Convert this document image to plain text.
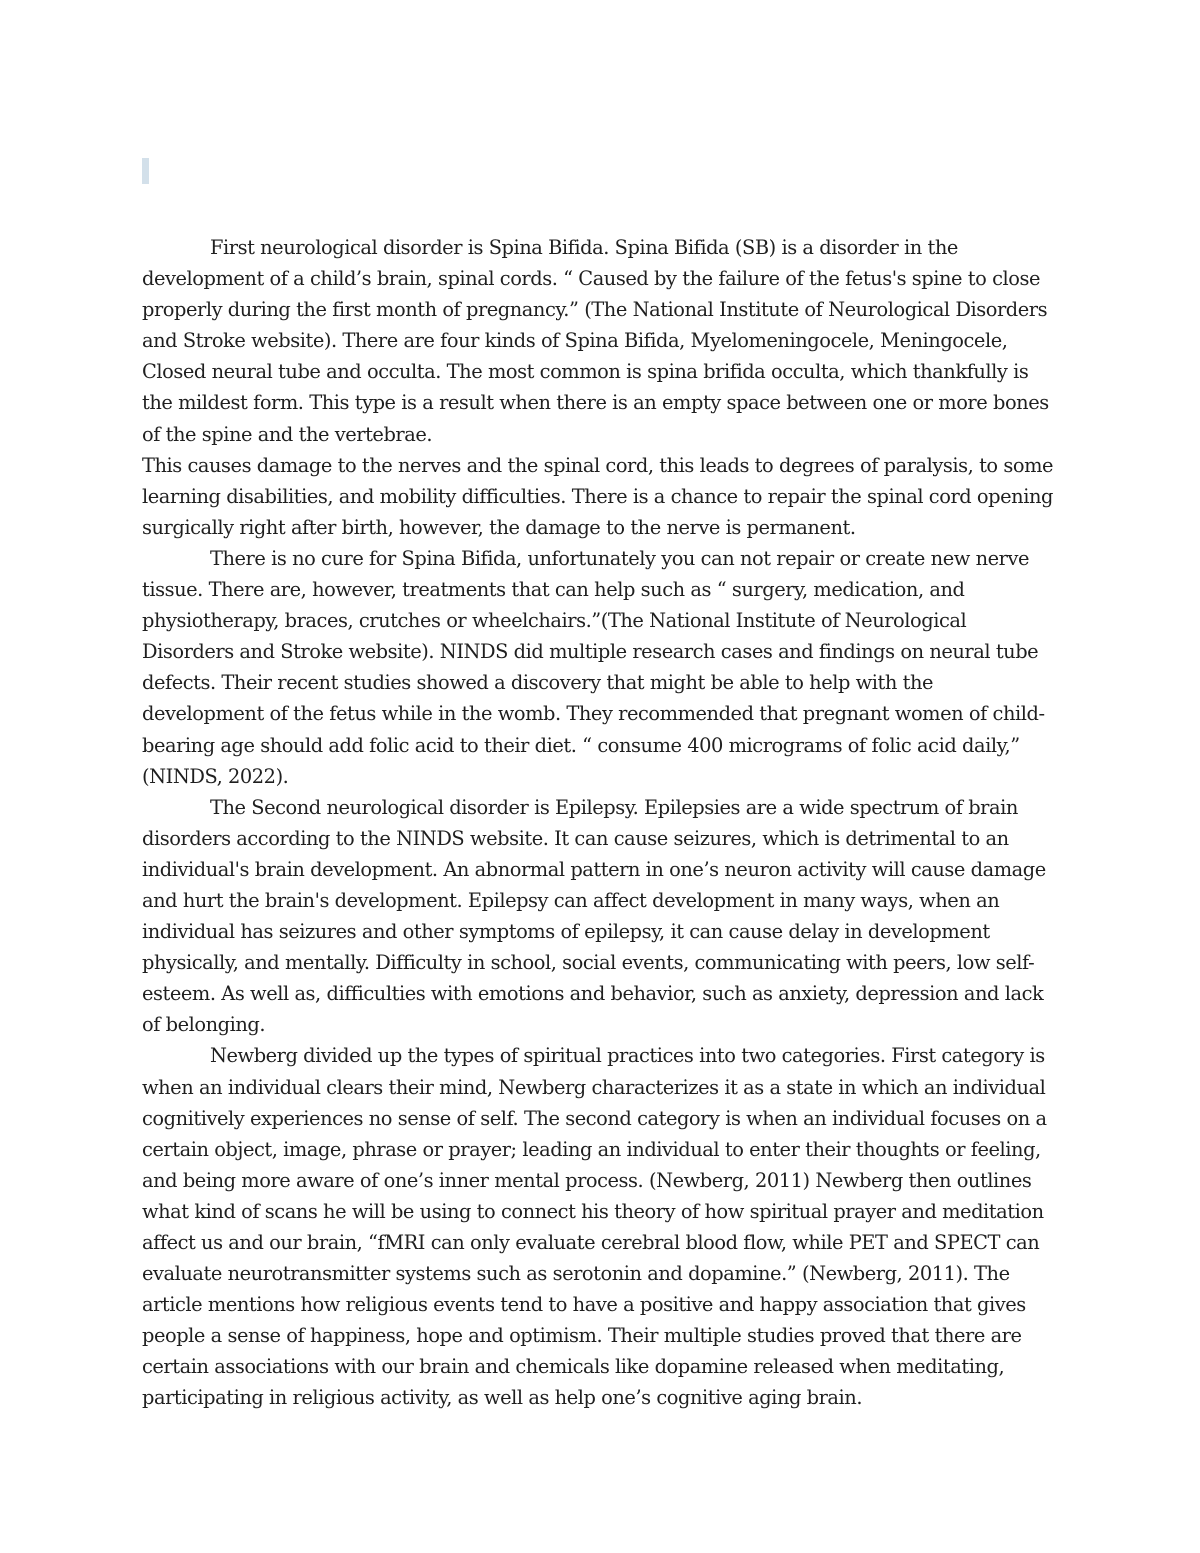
First neurological disorder is Spina Bifida. Spina Bifida (SB) is a disorder in the development of a child’s brain, spinal cords. “ Caused by the failure of the fetus's spine to close properly during the first month of pregnancy.” (The National Institute of Neurological Disorders and Stroke website). There are four kinds of Spina Bifida, Myelomeningocele, Meningocele, Closed neural tube and occulta. The most common is spina brifida occulta, which thankfully is the mildest form. This type is a result when there is an empty space between one or more bones of the spine and the vertebrae.

This causes damage to the nerves and the spinal cord, this leads to degrees of paralysis, to some learning disabilities, and mobility difficulties. There is a chance to repair the spinal cord opening surgically right after birth, however, the damage to the nerve is permanent.

There is no cure for Spina Bifida, unfortunately you can not repair or create new nerve tissue. There are, however, treatments that can help such as “ surgery, medication, and physiotherapy, braces, crutches or wheelchairs.”(The National Institute of Neurological Disorders and Stroke website). NINDS did multiple research cases and findings on neural tube defects. Their recent studies showed a discovery that might be able to help with the development of the fetus while in the womb. They recommended that pregnant women of child-bearing age should add folic acid to their diet. “ consume 400 micrograms of folic acid daily,” (NINDS, 2022).

The Second neurological disorder is Epilepsy. Epilepsies are a wide spectrum of brain disorders according to the NINDS website. It can cause seizures, which is detrimental to an individual's brain development. An abnormal pattern in one’s neuron activity will cause damage and hurt the brain's development. Epilepsy can affect development in many ways, when an individual has seizures and other symptoms of epilepsy, it can cause delay in development physically, and mentally. Difficulty in school, social events, communicating with peers, low self-esteem. As well as, difficulties with emotions and behavior, such as anxiety, depression and lack of belonging.

Newberg divided up the types of spiritual practices into two categories. First category is when an individual clears their mind, Newberg characterizes it as a state in which an individual cognitively experiences no sense of self. The second category is when an individual focuses on a certain object, image, phrase or prayer; leading an individual to enter their thoughts or feeling, and being more aware of one’s inner mental process. (Newberg, 2011) Newberg then outlines what kind of scans he will be using to connect his theory of how spiritual prayer and meditation affect us and our brain, “fMRI can only evaluate cerebral blood flow, while PET and SPECT can evaluate neurotransmitter systems such as serotonin and dopamine.” (Newberg, 2011). The article mentions how religious events tend to have a positive and happy association that gives people a sense of happiness, hope and optimism. Their multiple studies proved that there are certain associations with our brain and chemicals like dopamine released when meditating, participating in religious activity, as well as help one’s cognitive aging brain.
